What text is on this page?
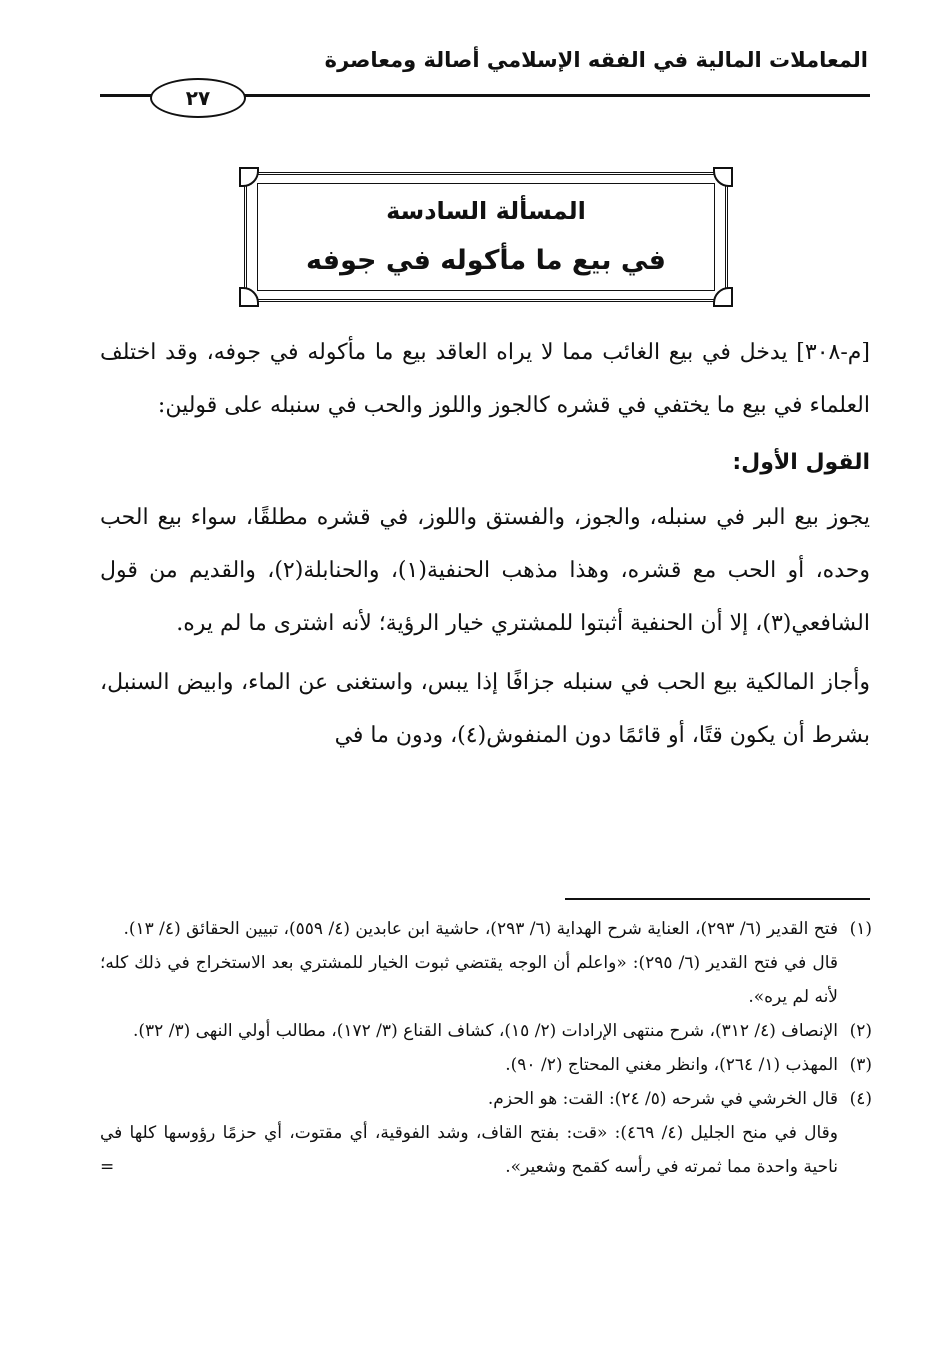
المعاملات المالية في الفقه الإسلامي أصالة ومعاصرة
٢٧
المسألة السادسة
في بيع ما مأكوله في جوفه

[م-٣٠٨] يدخل في بيع الغائب مما لا يراه العاقد بيع ما مأكوله في جوفه، وقد اختلف العلماء في بيع ما يختفي في قشره كالجوز واللوز والحب في سنبله على قولين:

القول الأول:

يجوز بيع البر في سنبله، والجوز، والفستق واللوز، في قشره مطلقًا، سواء بيع الحب وحده، أو الحب مع قشره، وهذا مذهب الحنفية(١)، والحنابلة(٢)، والقديم من قول الشافعي(٣)، إلا أن الحنفية أثبتوا للمشتري خيار الرؤية؛ لأنه اشترى ما لم يره.

وأجاز المالكية بيع الحب في سنبله جزافًا إذا يبس، واستغنى عن الماء، وابيض السنبل، بشرط أن يكون قتًا، أو قائمًا دون المنفوش(٤)، ودون ما في

(١)فتح القدير (٦/ ٢٩٣)، العناية شرح الهداية (٦/ ٢٩٣)، حاشية ابن عابدين (٤/ ٥٥٩)، تبيين الحقائق (٤/ ١٣).

قال في فتح القدير (٦/ ٢٩٥): «واعلم أن الوجه يقتضي ثبوت الخيار للمشتري بعد الاستخراج في ذلك كله؛ لأنه لم يره».

(٢)الإنصاف (٤/ ٣١٢)، شرح منتهى الإرادات (٢/ ١٥)، كشاف القناع (٣/ ١٧٢)، مطالب أولي النهى (٣/ ٣٢).

(٣)المهذب (١/ ٢٦٤)، وانظر مغني المحتاج (٢/ ٩٠).

(٤)قال الخرشي في شرحه (٥/ ٢٤): القت: هو الحزم.

وقال في منح الجليل (٤/ ٤٦٩): «قت: بفتح القاف، وشد الفوقية، أي مقتوت، أي حزمًا رؤوسها كلها في ناحية واحدة مما ثمرته في رأسه كقمح وشعير».
=
